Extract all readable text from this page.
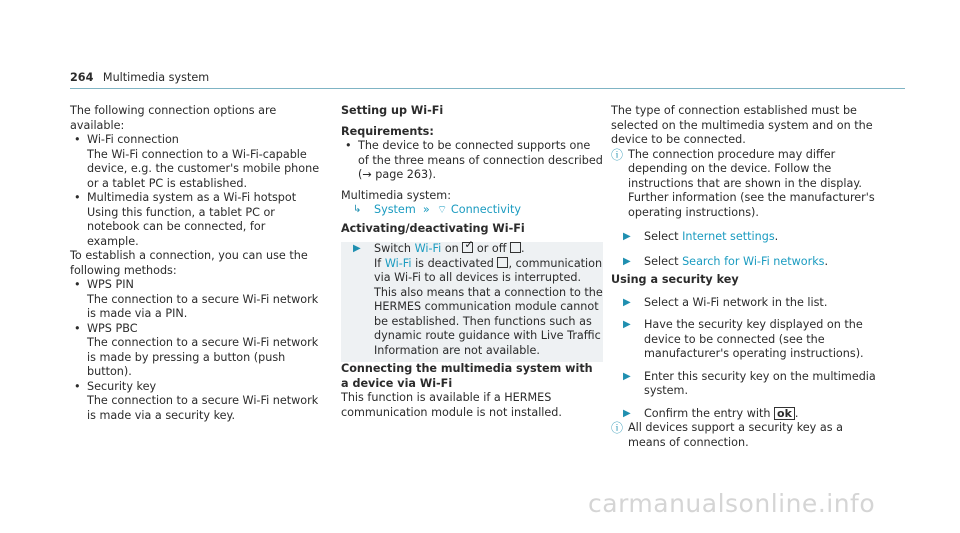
264 Multimedia system

The following connection options are available:

• Wi-Fi connection

The Wi-Fi connection to a Wi-Fi-capable device, e.g. the customer's mobile phone or a tablet PC is established.

• Multimedia system as a Wi-Fi hotspot

Using this function, a tablet PC or notebook can be connected, for example.

To establish a connection, you can use the following methods:

• WPS PIN

The connection to a secure Wi-Fi network is made via a PIN.

• WPS PBC

The connection to a secure Wi-Fi network is made by pressing a button (push button).

• Security key

The connection to a secure Wi-Fi network is made via a security key.

Setting up Wi-Fi
Requirements:
• The device to be connected supports one of the three means of connection described (→ page 263).

Multimedia system:

↳ System  »  ⌔ Connectivity
Activating/deactivating Wi-Fi
▶ Switch Wi-Fi on ✓ or off .
If Wi-Fi is deactivated , communication via Wi-Fi to all devices is interrupted. This also means that a connection to the HERMES communication module cannot be established. Then functions such as dynamic route guidance with Live Traffic Information are not available.
Connecting the multimedia system with a device via Wi-Fi

This function is available if a HERMES communication module is not installed.

The type of connection established must be selected on the multimedia system and on the device to be connected.

ⓘ The connection procedure may differ depending on the device. Follow the instructions that are shown in the display. Further information (see the manufacturer's operating instructions).
▶ Select Internet settings.
▶ Select Search for Wi-Fi networks.
Using a security key
▶ Select a Wi-Fi network in the list.
▶ Have the security key displayed on the device to be connected (see the manufacturer's operating instructions).
▶ Enter this security key on the multimedia system.
▶ Confirm the entry with ok .
ⓘ All devices support a security key as a means of connection.
carmanualsonline.info
